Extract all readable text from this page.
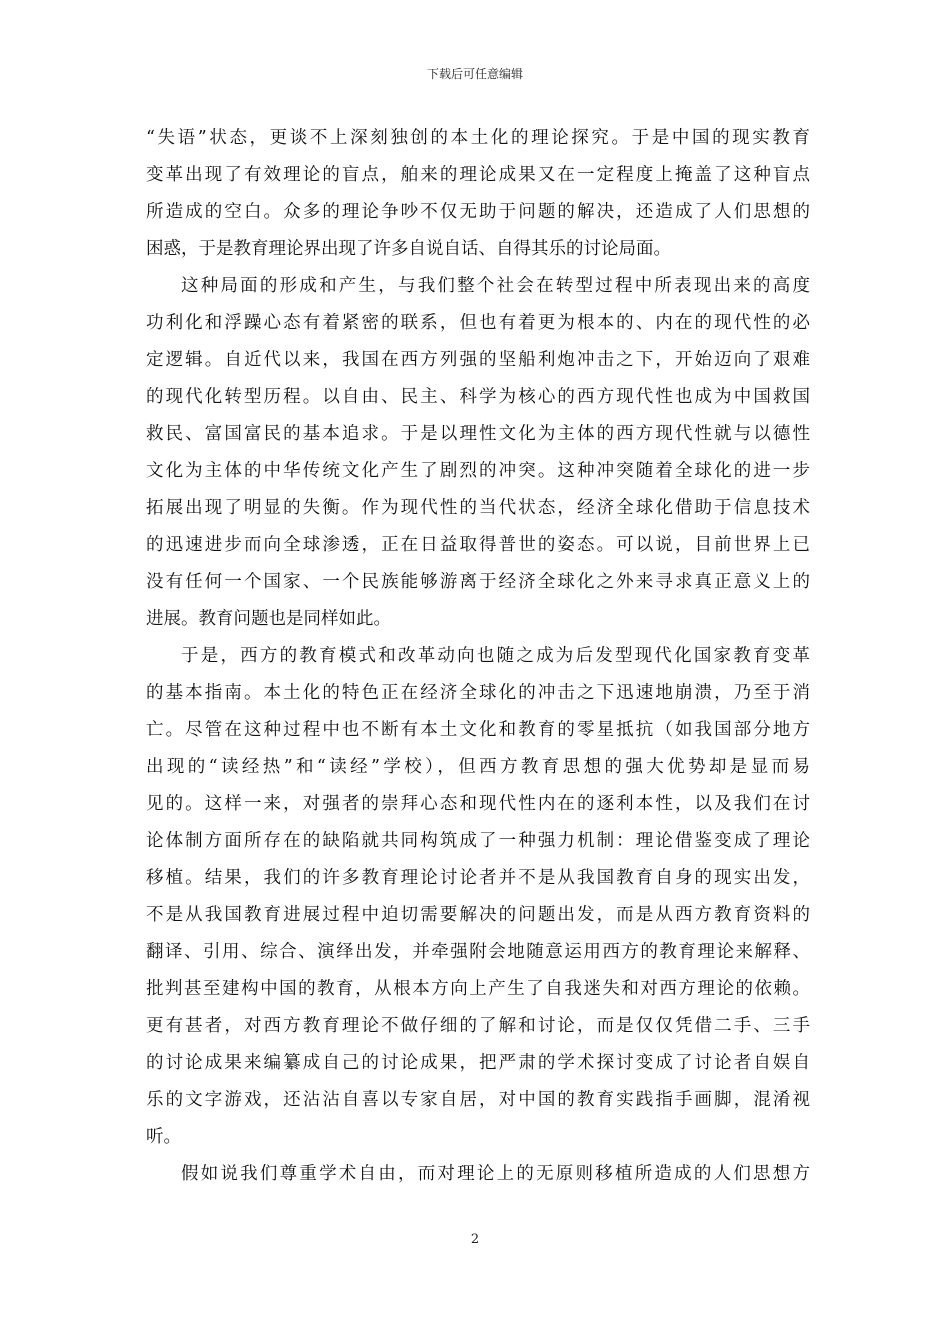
下载后可任意编辑
“失语”状态，更谈不上深刻独创的本土化的理论探究。于是中国的现实教育
变革出现了有效理论的盲点，舶来的理论成果又在一定程度上掩盖了这种盲点
所造成的空白。众多的理论争吵不仅无助于问题的解决，还造成了人们思想的
困惑，于是教育理论界出现了许多自说自话、自得其乐的讨论局面。
这种局面的形成和产生，与我们整个社会在转型过程中所表现出来的高度
功利化和浮躁心态有着紧密的联系，但也有着更为根本的、内在的现代性的必
定逻辑。自近代以来，我国在西方列强的坚船利炮冲击之下，开始迈向了艰难
的现代化转型历程。以自由、民主、科学为核心的西方现代性也成为中国救国
救民、富国富民的基本追求。于是以理性文化为主体的西方现代性就与以德性
文化为主体的中华传统文化产生了剧烈的冲突。这种冲突随着全球化的进一步
拓展出现了明显的失衡。作为现代性的当代状态，经济全球化借助于信息技术
的迅速进步而向全球渗透，正在日益取得普世的姿态。可以说，目前世界上已
没有任何一个国家、一个民族能够游离于经济全球化之外来寻求真正意义上的
进展。教育问题也是同样如此。
于是，西方的教育模式和改革动向也随之成为后发型现代化国家教育变革
的基本指南。本土化的特色正在经济全球化的冲击之下迅速地崩溃，乃至于消
亡。尽管在这种过程中也不断有本土文化和教育的零星抵抗（如我国部分地方
出现的“读经热”和“读经”学校），但西方教育思想的强大优势却是显而易
见的。这样一来，对强者的崇拜心态和现代性内在的逐利本性，以及我们在讨
论体制方面所存在的缺陷就共同构筑成了一种强力机制：理论借鉴变成了理论
移植。结果，我们的许多教育理论讨论者并不是从我国教育自身的现实出发，
不是从我国教育进展过程中迫切需要解决的问题出发，而是从西方教育资料的
翻译、引用、综合、演绎出发，并牵强附会地随意运用西方的教育理论来解释、
批判甚至建构中国的教育，从根本方向上产生了自我迷失和对西方理论的依赖。
更有甚者，对西方教育理论不做仔细的了解和讨论，而是仅仅凭借二手、三手
的讨论成果来编纂成自己的讨论成果，把严肃的学术探讨变成了讨论者自娱自
乐的文字游戏，还沾沾自喜以专家自居，对中国的教育实践指手画脚，混淆视
听。
假如说我们尊重学术自由，而对理论上的无原则移植所造成的人们思想方
2
